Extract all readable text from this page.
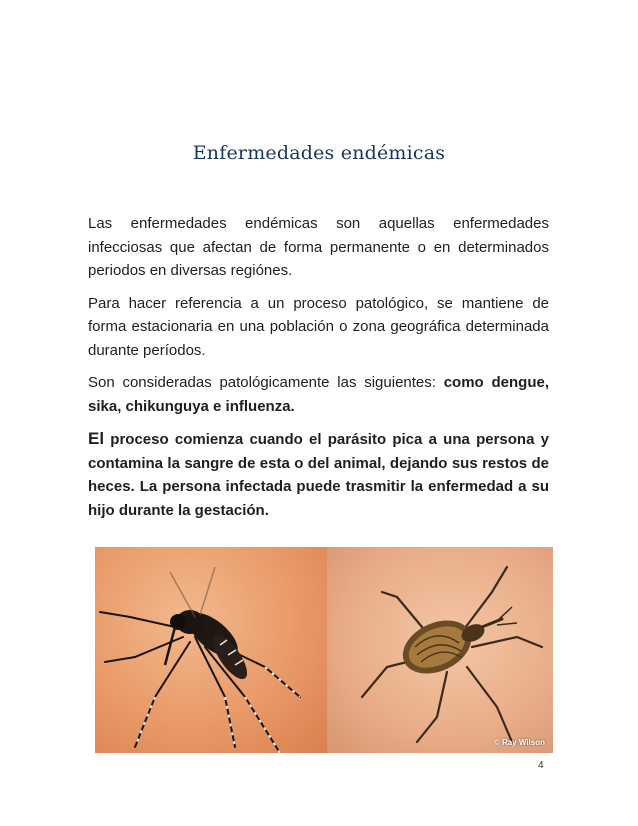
Enfermedades endémicas

Las enfermedades endémicas son aquellas enfermedades infecciosas que afectan de forma permanente o en determinados periodos en diversas regiónes.

Para hacer referencia a un proceso patológico, se mantiene de forma estacionaria en una población o zona geográfica determinada durante períodos.

Son consideradas patológicamente las siguientes: como dengue, sika, chikunguya e influenza.

El proceso comienza cuando el parásito pica a una persona y contamina la sangre de esta o del animal, dejando sus restos de heces. La persona infectada puede trasmitir la enfermedad a su hijo durante la gestación.

© Ray Wilson
4
